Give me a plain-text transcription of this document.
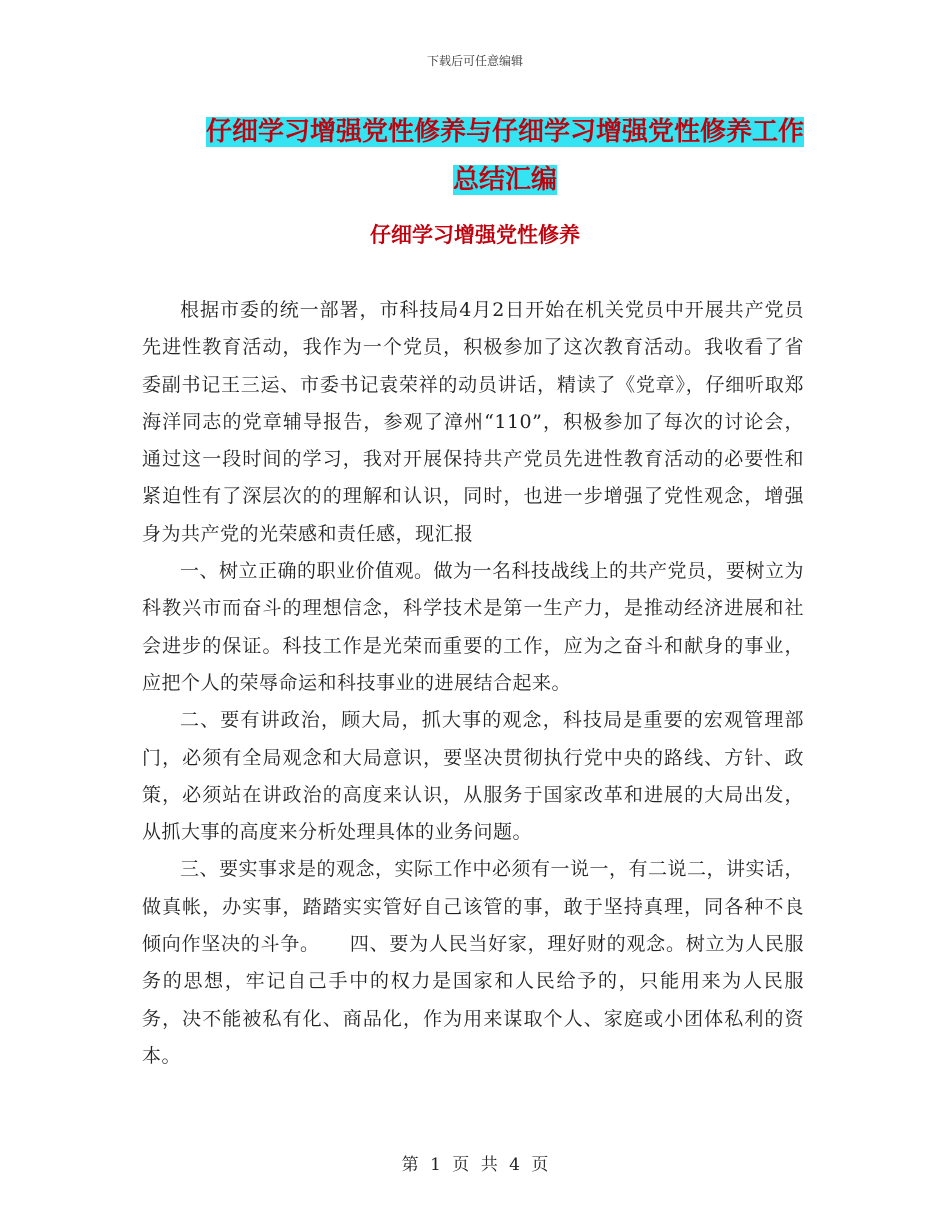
下载后可任意编辑
仔细学习增强党性修养与仔细学习增强党性修养工作
总结汇编
仔细学习增强党性修养

根据市委的统一部署，市科技局4月2日开始在机关党员中开展共产党员先进性教育活动，我作为一个党员，积极参加了这次教育活动。我收看了省委副书记王三运、市委书记袁荣祥的动员讲话，精读了《党章》，仔细听取郑海洋同志的党章辅导报告，参观了漳州“110”，积极参加了每次的讨论会，通过这一段时间的学习，我对开展保持共产党员先进性教育活动的必要性和紧迫性有了深层次的的理解和认识，同时，也进一步增强了党性观念，增强身为共产党的光荣感和责任感，现汇报

一、树立正确的职业价值观。做为一名科技战线上的共产党员，要树立为科教兴市而奋斗的理想信念，科学技术是第一生产力，是推动经济进展和社会进步的保证。科技工作是光荣而重要的工作，应为之奋斗和献身的事业，应把个人的荣辱命运和科技事业的进展结合起来。

二、要有讲政治，顾大局，抓大事的观念，科技局是重要的宏观管理部门，必须有全局观念和大局意识，要坚决贯彻执行党中央的路线、方针、政策，必须站在讲政治的高度来认识，从服务于国家改革和进展的大局出发，从抓大事的高度来分析处理具体的业务问题。

三、要实事求是的观念，实际工作中必须有一说一，有二说二，讲实话，做真帐，办实事，踏踏实实管好自己该管的事，敢于坚持真理，同各种不良倾向作坚决的斗争。　　四、要为人民当好家，理好财的观念。树立为人民服务的思想，牢记自己手中的权力是国家和人民给予的，只能用来为人民服务，决不能被私有化、商品化，作为用来谋取个人、家庭或小团体私利的资本。

第 1 页 共 4 页
